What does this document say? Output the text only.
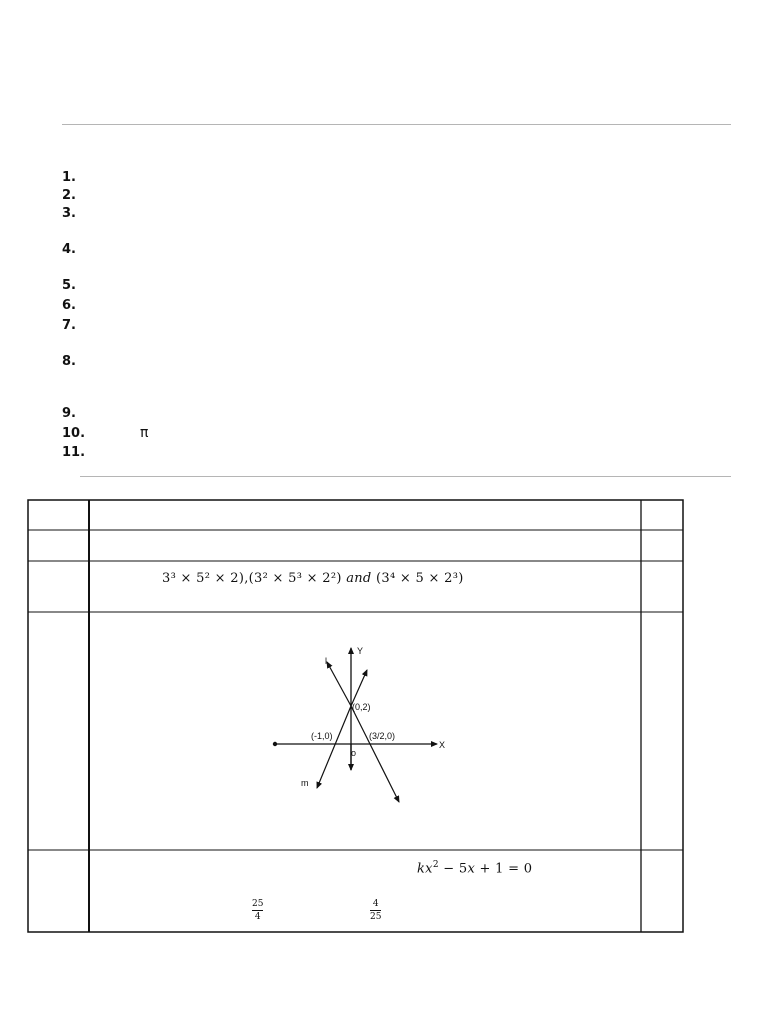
1.
2.
3.
4.
5.
6.
7.
8.
9.
10.
11.
π
3³ × 5² × 2),(3² × 5³ × 2²) and (3⁴ × 5 × 2³)
Y
X
o
l
m
(0,2)
(-1,0)	(3/2,0)
$kx^2 - 5x + 1 = 0$
25
4
4
25
